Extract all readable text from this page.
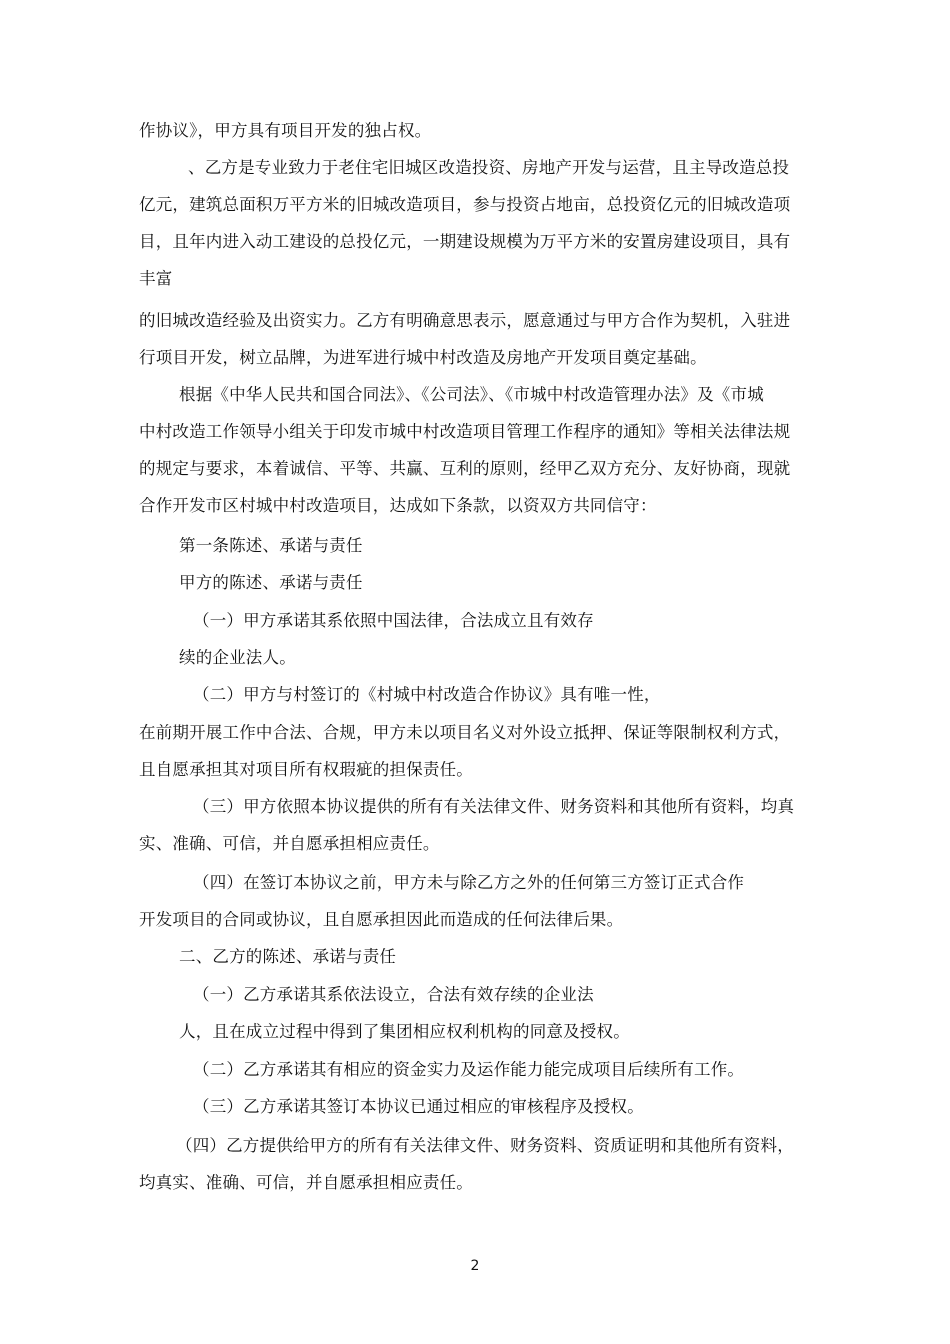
作协议》，甲方具有项目开发的独占权。
、乙方是专业致力于老住宅旧城区改造投资、房地产开发与运营，且主导改造总投
亿元，建筑总面积万平方米的旧城改造项目，参与投资占地亩，总投资亿元的旧城改造项
目，且年内进入动工建设的总投亿元，一期建设规模为万平方米的安置房建设项目，具有
丰富
的旧城改造经验及出资实力。乙方有明确意思表示，愿意通过与甲方合作为契机，入驻进
行项目开发，树立品牌，为进军进行城中村改造及房地产开发项目奠定基础。
根据《中华人民共和国合同法》、《公司法》、《市城中村改造管理办法》及《市城
中村改造工作领导小组关于印发市城中村改造项目管理工作程序的通知》等相关法律法规
的规定与要求，本着诚信、平等、共赢、互利的原则，经甲乙双方充分、友好协商，现就
合作开发市区村城中村改造项目，达成如下条款，以资双方共同信守：
第一条陈述、承诺与责任
甲方的陈述、承诺与责任
（一）甲方承诺其系依照中国法律，合法成立且有效存
续的企业法人。
（二）甲方与村签订的《村城中村改造合作协议》具有唯一性，
在前期开展工作中合法、合规，甲方未以项目名义对外设立抵押、保证等限制权利方式，
且自愿承担其对项目所有权瑕疵的担保责任。
（三）甲方依照本协议提供的所有有关法律文件、财务资料和其他所有资料，均真
实、准确、可信，并自愿承担相应责任。
（四）在签订本协议之前，甲方未与除乙方之外的任何第三方签订正式合作
开发项目的合同或协议，且自愿承担因此而造成的任何法律后果。
二、乙方的陈述、承诺与责任
（一）乙方承诺其系依法设立，合法有效存续的企业法
人，且在成立过程中得到了集团相应权利机构的同意及授权。
（二）乙方承诺其有相应的资金实力及运作能力能完成项目后续所有工作。
（三）乙方承诺其签订本协议已通过相应的审核程序及授权。
（四）乙方提供给甲方的所有有关法律文件、财务资料、资质证明和其他所有资料，
均真实、准确、可信，并自愿承担相应责任。
2
